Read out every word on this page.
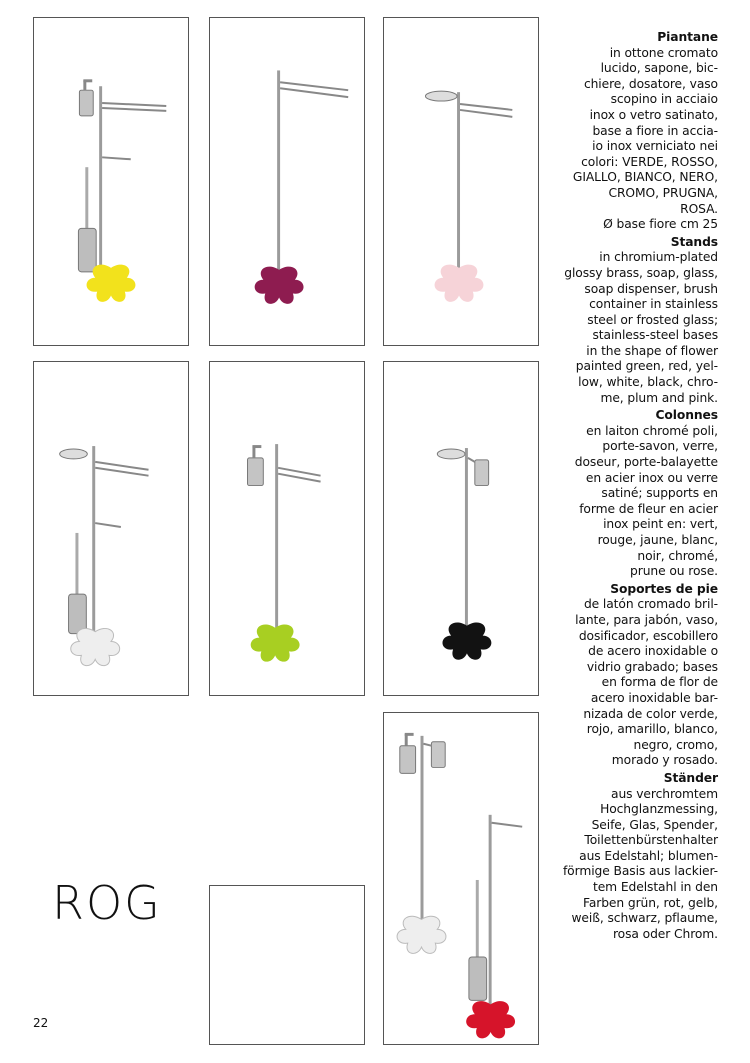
Piantane

in ottone cromato
lucido, sapone, bic-
chiere, dosatore, vaso
scopino in acciaio
inox o vetro satinato,
base a fiore in accia-
io inox verniciato nei
colori: VERDE, ROSSO,
GIALLO, BIANCO, NERO,
CROMO, PRUGNA,
ROSA.
Ø base fiore cm 25

Stands

in chromium-plated
glossy brass, soap, glass,
soap dispenser, brush
container in stainless
steel or frosted glass;
stainless-steel bases
in the shape of flower
painted green, red, yel-
low, white, black, chro-
me, plum and pink.

Colonnes

en laiton chromé poli,
porte-savon, verre,
doseur, porte-balayette
en acier inox ou verre
satiné; supports en
forme de fleur en acier
inox peint en: vert,
rouge, jaune, blanc,
noir, chromé,
prune ou rose.

Soportes de pie

de latón cromado bril-
lante, para jabón, vaso,
dosificador, escobillero
de acero inoxidable o
vidrio grabado; bases
en forma de flor de
acero inoxidable bar-
nizada de color verde,
rojo, amarillo, blanco,
negro, cromo,
morado y rosado.

Ständer

aus verchromtem
Hochglanzmessing,
Seife, Glas, Spender,
Toilettenbürstenhalter
aus Edelstahl; blumen-
förmige Basis aus lackier-
tem Edelstahl in den
Farben grün, rot, gelb,
weiß, schwarz, pflaume,
rosa oder Chrom.

ROG
22
